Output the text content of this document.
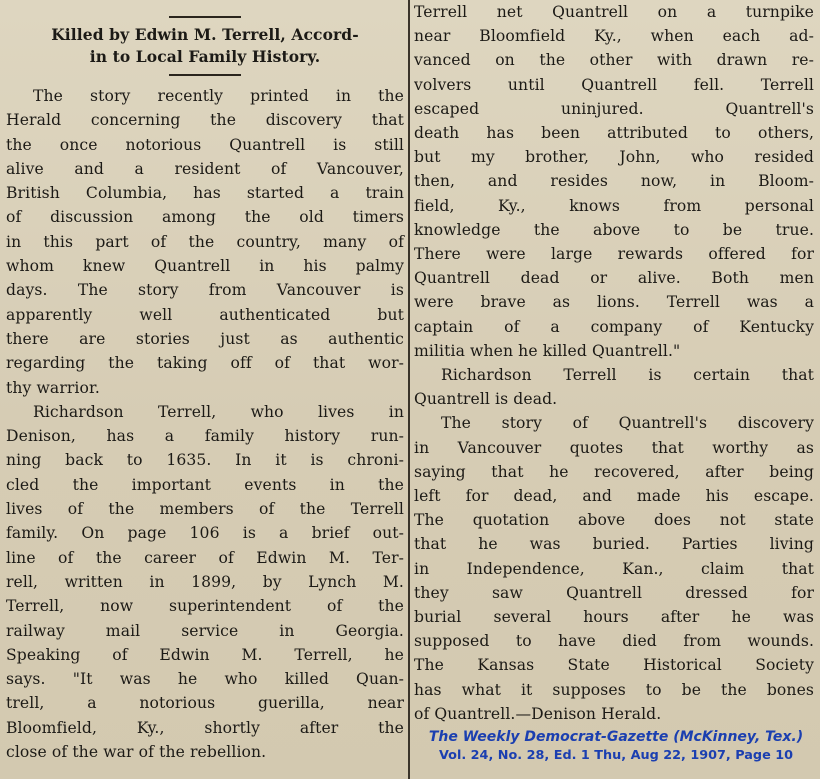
Killed by Edwin M. Terrell, Accord-
in to Local Family History.
The story recently printed in the
Herald concerning the discovery that
the once notorious Quantrell is still
alive and a resident of Vancouver,
British Columbia, has started a train
of discussion among the old timers
in this part of the country, many of
whom knew Quantrell in his palmy
days. The story from Vancouver is
apparently well authenticated but
there are stories just as authentic
regarding the taking off of that wor-
thy warrior.
Richardson Terrell, who lives in
Denison, has a family history run-
ning back to 1635. In it is chroni-
cled the important events in the
lives of the members of the Terrell
family. On page 106 is a brief out-
line of the career of Edwin M. Ter-
rell, written in 1899, by Lynch M.
Terrell, now superintendent of the
railway mail service in Georgia.
Speaking of Edwin M. Terrell, he
says. "It was he who killed Quan-
trell, a notorious guerilla, near
Bloomfield, Ky., shortly after the
close of the war of the rebellion.
Terrell net Quantrell on a turnpike
near Bloomfield Ky., when each ad-
vanced on the other with drawn re-
volvers until Quantrell fell. Terrell
escaped uninjured. Quantrell's
death has been attributed to others,
but my brother, John, who resided
then, and resides now, in Bloom-
field, Ky., knows from personal
knowledge the above to be true.
There were large rewards offered for
Quantrell dead or alive. Both men
were brave as lions. Terrell was a
captain of a company of Kentucky
militia when he killed Quantrell."
Richardson Terrell is certain that
Quantrell is dead.
The story of Quantrell's discovery
in Vancouver quotes that worthy as
saying that he recovered, after being
left for dead, and made his escape.
The quotation above does not state
that he was buried. Parties living
in Independence, Kan., claim that
they saw Quantrell dressed for
burial several hours after he was
supposed to have died from wounds.
The Kansas State Historical Society
has what it supposes to be the bones
of Quantrell.—Denison Herald.
The Weekly Democrat-Gazette (McKinney, Tex.)
Vol. 24, No. 28, Ed. 1 Thu, Aug 22, 1907, Page 10
